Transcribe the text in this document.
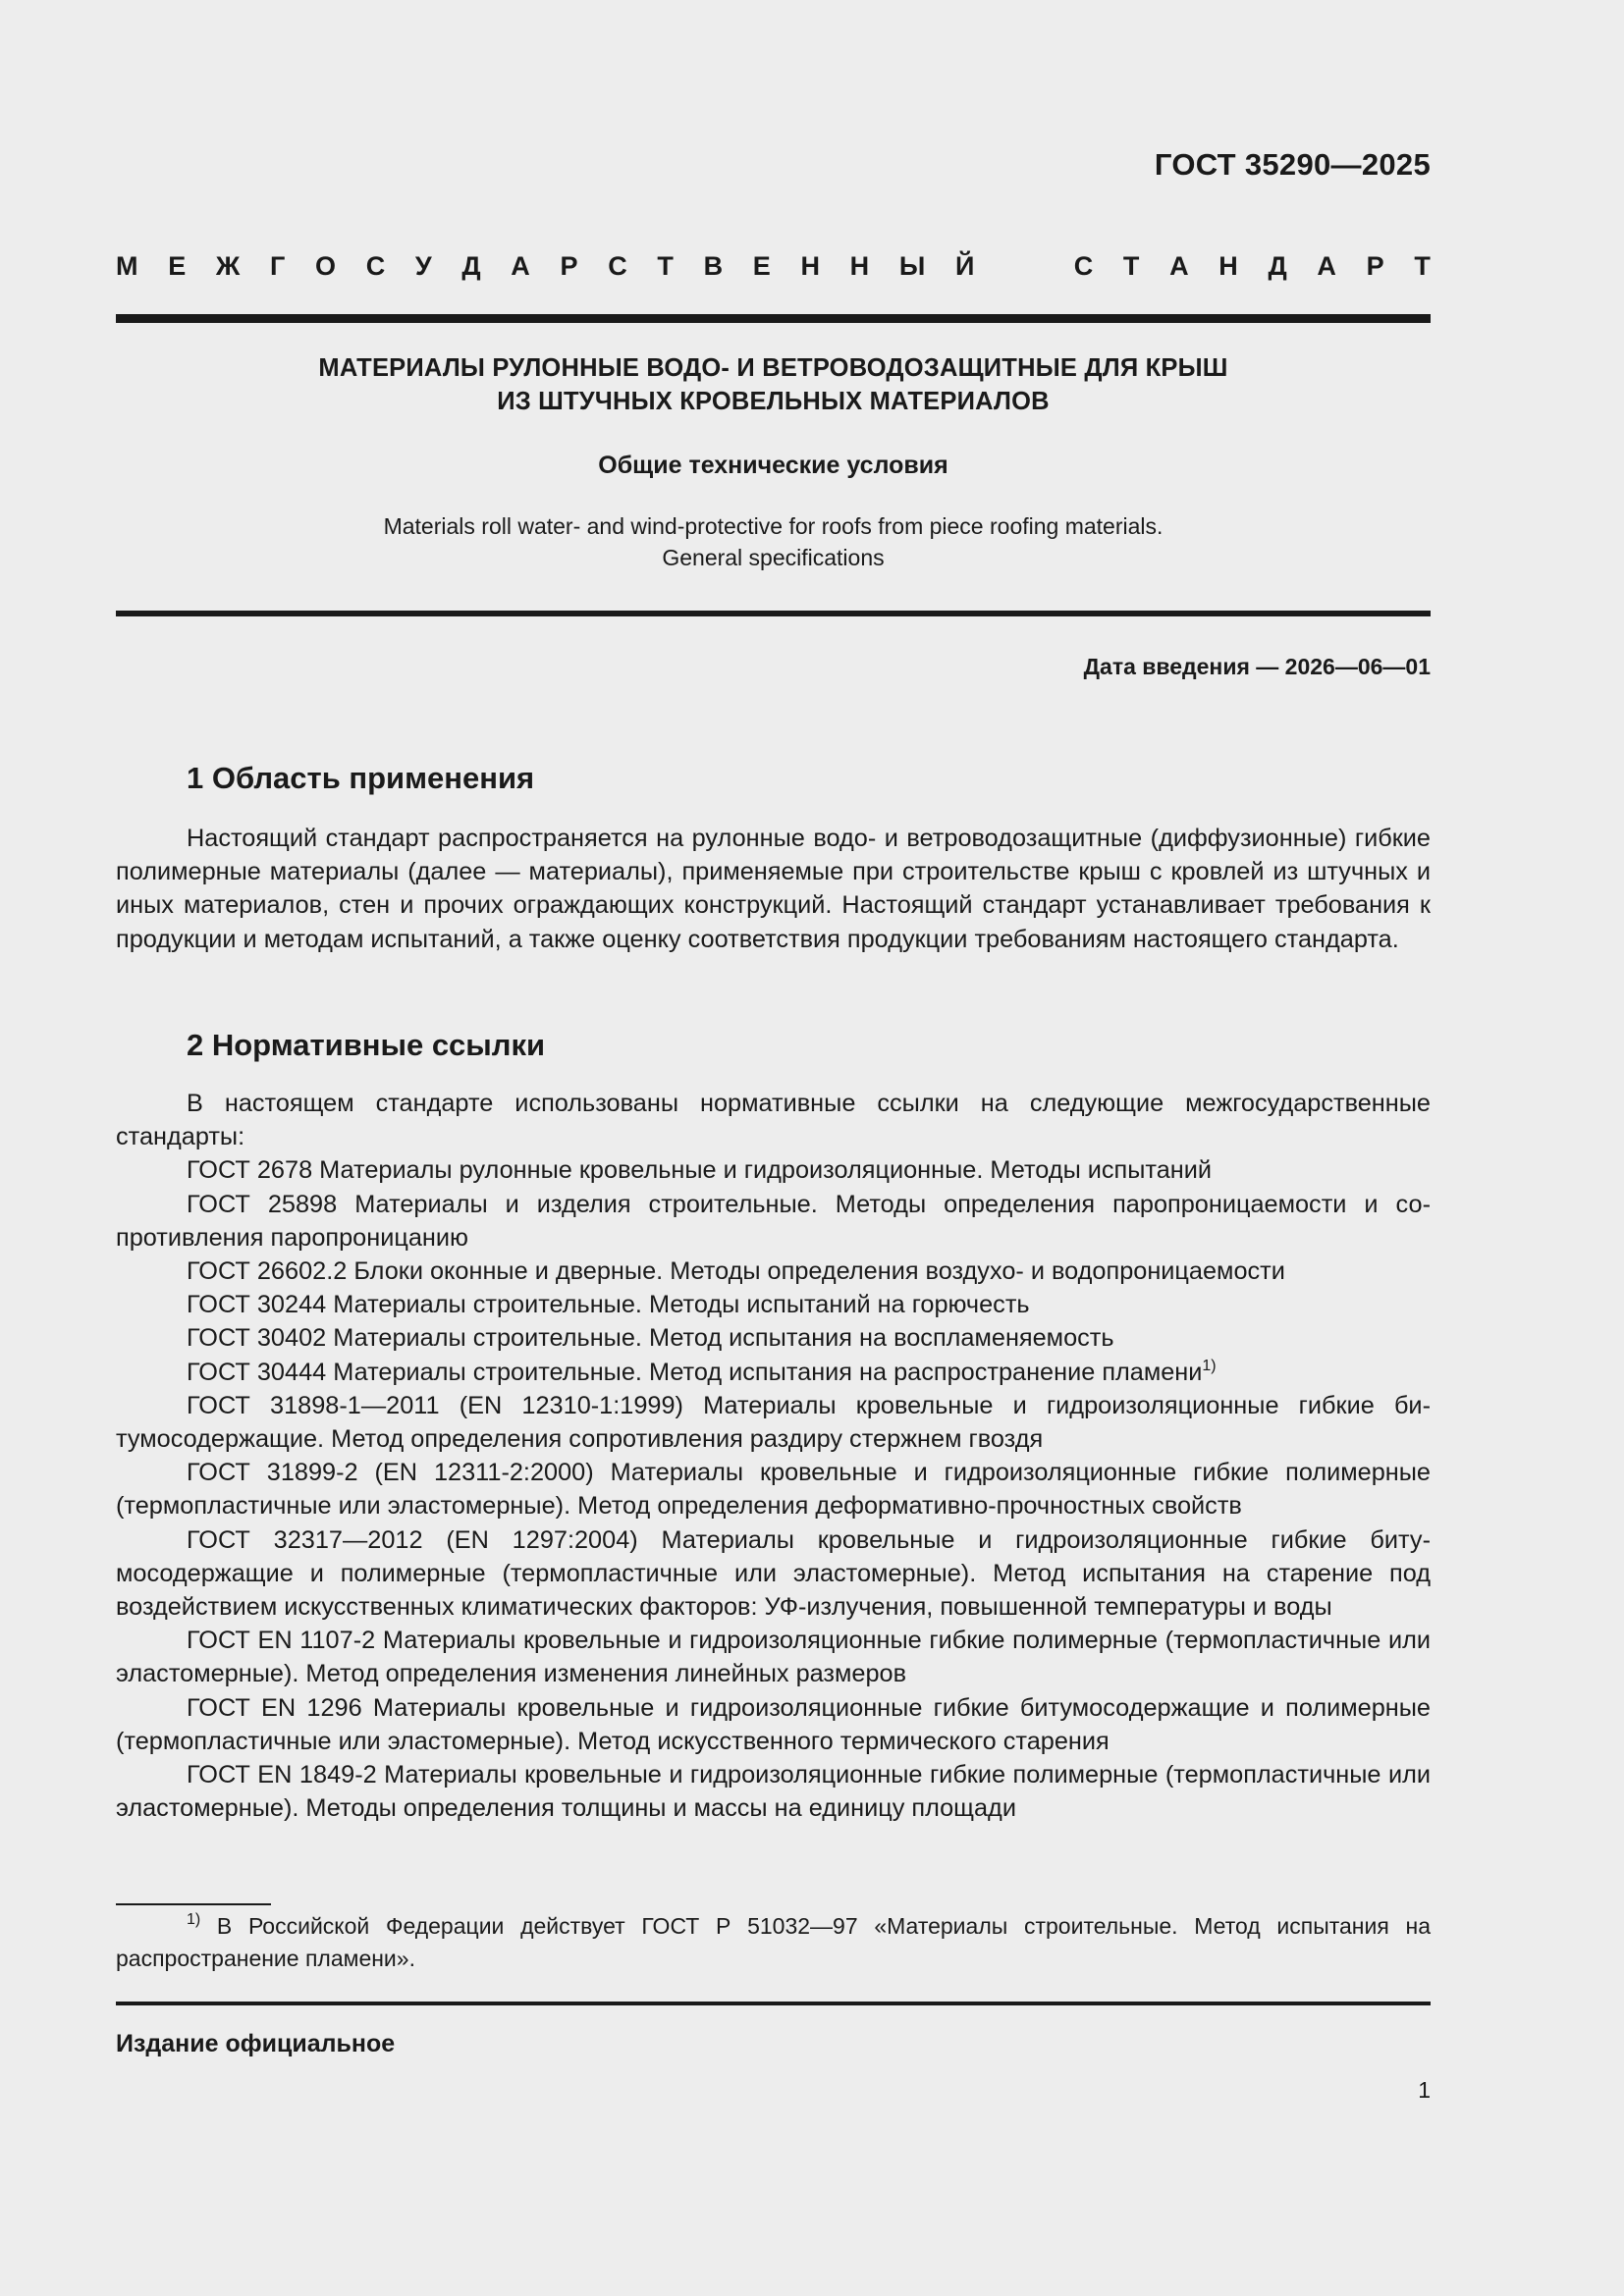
ГОСТ 35290—2025
М Е Ж Г О С У Д А Р С Т В Е Н Н Ы Й	С Т А Н Д А Р Т
МАТЕРИАЛЫ РУЛОННЫЕ ВОДО- И ВЕТРОВОДОЗАЩИТНЫЕ ДЛЯ КРЫШ
ИЗ ШТУЧНЫХ КРОВЕЛЬНЫХ МАТЕРИАЛОВ
Общие технические условия
Materials roll water- and wind-protective for roofs from piece roofing materials.
General specifications
Дата введения — 2026—06—01
1 Область применения

Настоящий стандарт распространяется на рулонные водо- и ветроводозащитные (диффузионные) гибкие полимерные материалы (далее — материалы), применяемые при строительстве крыш с кровлей из штучных и иных материалов, стен и прочих ограждающих конструкций. Настоящий стандарт устанавливает требования к продукции и методам испытаний, а также оценку соответствия продукции требованиям настоящего стандарта.

2 Нормативные ссылки
В настоящем стандарте использованы нормативные ссылки на следующие межгосударственные стандарты:
ГОСТ 2678 Материалы рулонные кровельные и гидроизоляционные. Методы испытаний
ГОСТ 25898 Материалы и изделия строительные. Методы определения паропроницаемости и сопротивления паропроницанию
ГОСТ 26602.2 Блоки оконные и дверные. Методы определения воздухо- и водопроницаемости
ГОСТ 30244 Материалы строительные. Методы испытаний на горючесть
ГОСТ 30402 Материалы строительные. Метод испытания на воспламеняемость
ГОСТ 30444 Материалы строительные. Метод испытания на распространение пламени$^{1)}$
ГОСТ 31898-1—2011 (EN 12310-1:1999) Материалы кровельные и гидроизоляционные гибкие битумосодержащие. Метод определения сопротивления раздиру стержнем гвоздя
ГОСТ 31899-2 (EN 12311-2:2000) Материалы кровельные и гидроизоляционные гибкие полимерные (термопластичные или эластомерные). Метод определения деформативно-прочностных свойств
ГОСТ 32317—2012 (EN 1297:2004) Материалы кровельные и гидроизоляционные гибкие битумосодержащие и полимерные (термопластичные или эластомерные). Метод испытания на старение под воздействием искусственных климатических факторов: УФ-излучения, повышенной температуры и воды
ГОСТ EN 1107-2 Материалы кровельные и гидроизоляционные гибкие полимерные (термопластичные или эластомерные). Метод определения изменения линейных размеров
ГОСТ EN 1296 Материалы кровельные и гидроизоляционные гибкие битумосодержащие и полимерные (термопластичные или эластомерные). Метод искусственного термического старения
ГОСТ EN 1849-2 Материалы кровельные и гидроизоляционные гибкие полимерные (термопластичные или эластомерные). Методы определения толщины и массы на единицу площади
$^{1)}$ В Российской Федерации действует ГОСТ Р 51032—97 «Материалы строительные. Метод испытания на распространение пламени».
Издание официальное
1
